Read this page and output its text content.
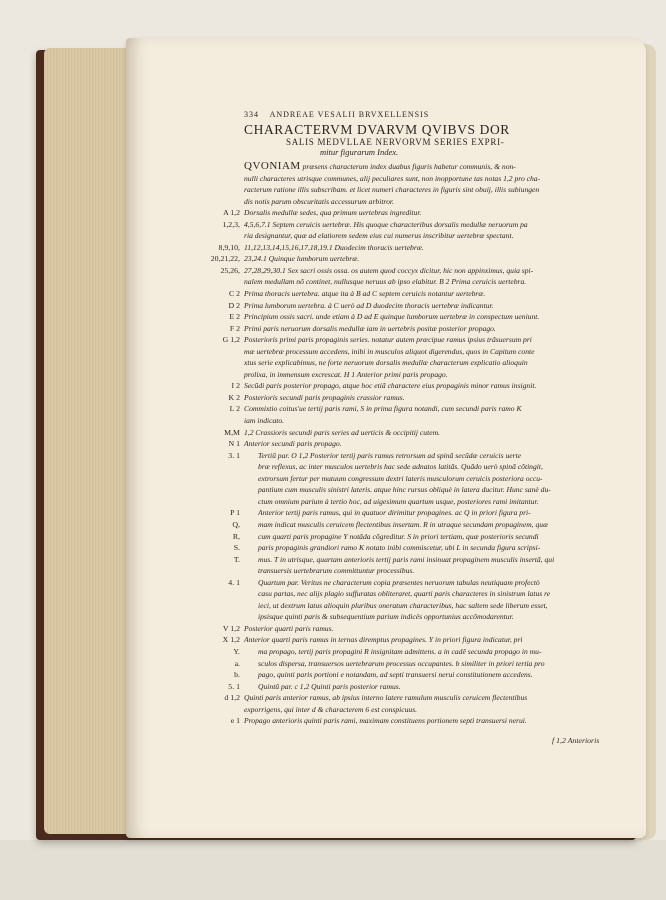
334 ANDREAE VESALII BRVXELLENSIS
CHARACTERVM DVARVM QVIBVS DOR
SALIS MEDVLLAE NERVORVM SERIES EXPRI-
mitur figurarum Index.
QVONIAM præsens characterum index duabus figuris habetur communis, & non-
nulli characteres utrisque communes, alij peculiares sunt, non inopportune tas notas 1,2 pro cha-
racterum ratione illis subscribam. et licet numeri characteres in figuris sint obuij, illis subiungen
dis notis parum obscuritatis accessurum arbitror.
A 1,2 Dorsalis medullæ sedes, qua primum uertebras ingreditur.
1,2,3, 4,5,6,7.1 Septem ceruicis uertebræ. His quoque characteribus dorsalis medullæ neruorum pa
ria designantur, quæ ad elatiorem sedem eius cui numerus inscribitur uertebræ spectant.
8,9,10, 11,12,13,14,15,16,17,18,19.1 Duodecim thoracis uertebræ.
20,21,22, 23,24.1 Quinque lumborum uertebræ.
25,26, 27,28,29,30.1 Sex sacri ossis ossa. os autem quod coccyx dicitur, hic non appinximus, quia spi-
nalem medullam nõ continet, nullusque neruus ab ipso elabitur. B 2 Prima ceruicis uertebra.
C 2 Prima thoracis uertebra. atque ita à B ad C septem ceruicis notantur uertebræ.
D 2 Prima lumborum uertebra. à C uerò ad D duodecim thoracis uertebræ indicantur.
E 2 Principium ossis sacri. unde etiam à D ad E quinque lumborum uertebræ in conspectum ueniunt.
F 2 Primi paris neruorum dorsalis medullæ iam in uertebris positæ posterior propago.
G 1,2 Posterioris primi paris propaginis series. notatur autem præcipue ramus ipsius trãsuersum pri
mæ uertebræ processum accedens, inibi in musculos aliquot digerendus, quos in Capitum conte
xtus serie explicabimus, ne forte neruorum dorsalis medullæ characterum explicatio alioquin
prolixa, in immensum excrescat. H 1 Anterior primi paris propago.
I 2 Secũdi paris posterior propago, atque hoc etiã charactere eius propaginis minor ramus insignit.
K 2 Posterioris secundi paris propaginis crassior ramus.
L 2 Commixtio coitus'ue tertij paris rami, S in prima figura notandi, cum secundi paris ramo K
iam indicato.
M,M 1,2 Crassioris secundi paris series ad uerticis & occipitij cutem.
N 1 Anterior secundi paris propago.
3. 1 Tertiũ par. O 1,2 Posterior tertij paris ramus retrorsum ad spinã secũdæ ceruicis uerte
bræ reflexus, ac inter musculos uertebris hac sede adnatos latitãs. Quãdo uerò spinã cõtingit,
extrorsum fertur per mutuum congressum dextri lateris musculorum ceruicis posteriora occu-
pantium cum musculis sinistri lateris. atque hinc rursus obliquè in latera ducitur. Hunc sanè du-
ctum omnium parium à tertio hoc, ad uigesimum quartum usque, posteriores rami imitantur.
P 1 Anterior tertij paris ramus, qui in quatuor dirimitur propagines. ac Q in priori figura pri-
Q, mam indicat musculis ceruicem flectentibus insertam. R in utraque secundam propaginem, quæ
R, cum quarti paris propagine Y notãda cõgreditur. S in priori tertiam, quæ posterioris secundi
S. paris propaginis grandiori ramo K notato inibi commiscetur, ubi L in secunda figura scripsi-
T. mus. T in utrisque, quartam anterioris tertij paris rami insinuat propaginem musculis insertã, qui
transuersis uertebrarum committuntur processibus.
4. 1 Quartum par. Veritus ne characterum copia præsentes neruorum tabulas neutiquam profectò
casu partas, nec alijs plagio suffuratas obliteraret, quarti paris characteres in sinistrum latus re
ieci, ut dextrum latus alioquin pluribus oneratum characteribus, hac saltem sede liberum esset,
ipsisque quinti paris & subsequentium parium indicës opportunius accõmodarentur.
V 1,2 Posterior quarti paris ramus.
X 1,2 Anterior quarti paris ramus in ternas diremptus propagines. Y in priori figura indicatur, pri
Y. ma propago, tertij paris propagini R insignitam admittens. a in cadẽ secunda propago in mu-
a. sculos dispersa, transuersos uertebrarum processus occupantes. b similiter in priori tertia pro
b. pago, quinti paris portioni e notandam, ad septi transuersi nerui constitutionem accedens.
5. 1 Quintũ par. c 1,2 Quinti paris posterior ramus.
d 1,2 Quinti paris anterior ramus, ab ipsius interno latere ramulum musculis ceruicem flectentibus
exporrigens, qui inter d & characterem 6 est conspicuus.
e 1 Propago anterioris quinti paris rami, maximam constituens portionem septi transuersi nerui.
f 1,2 Anterioris
